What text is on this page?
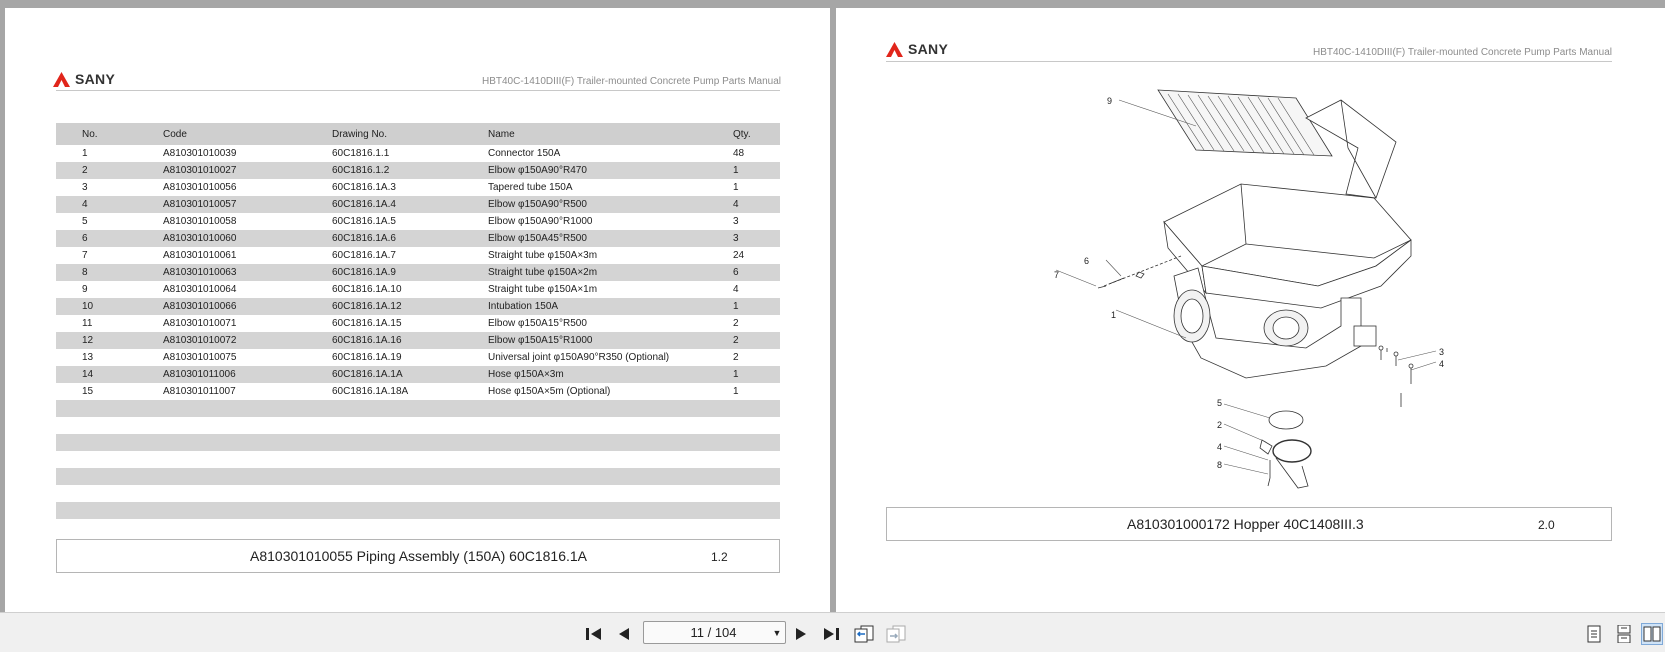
SANY	HBT40C-1410DIII(F) Trailer-mounted Concrete Pump Parts Manual
	No.	Code	Drawing No.	Name	Qty.
	1	A810301010039	60C1816.1.1	Connector 150A	48
	2	A810301010027	60C1816.1.2	Elbow φ150A90°R470	1
	3	A810301010056	60C1816.1A.3	Tapered tube 150A	1
	4	A810301010057	60C1816.1A.4	Elbow φ150A90°R500	4
	5	A810301010058	60C1816.1A.5	Elbow φ150A90°R1000	3
	6	A810301010060	60C1816.1A.6	Elbow φ150A45°R500	3
	7	A810301010061	60C1816.1A.7	Straight tube φ150A×3m	24
	8	A810301010063	60C1816.1A.9	Straight tube φ150A×2m	6
	9	A810301010064	60C1816.1A.10	Straight tube φ150A×1m	4
	10	A810301010066	60C1816.1A.12	Intubation 150A	1
	11	A810301010071	60C1816.1A.15	Elbow φ150A15°R500	2
	12	A810301010072	60C1816.1A.16	Elbow φ150A15°R1000	2
	13	A810301010075	60C1816.1A.19	Universal joint φ150A90°R350 (Optional)	2
	14	A810301011006	60C1816.1A.1A	Hose φ150A×3m	1
	15	A810301011007	60C1816.1A.18A	Hose φ150A×5m (Optional)	1

A810301010055 Piping Assembly (150A) 60C1816.1A	1.2
SANY	HBT40C-1410DIII(F) Trailer-mounted Concrete Pump Parts Manual
9
6
7
1
3
4
5
2
4
8
A810301000172 Hopper 40C1408III.3	2.0
11 / 104	▼
